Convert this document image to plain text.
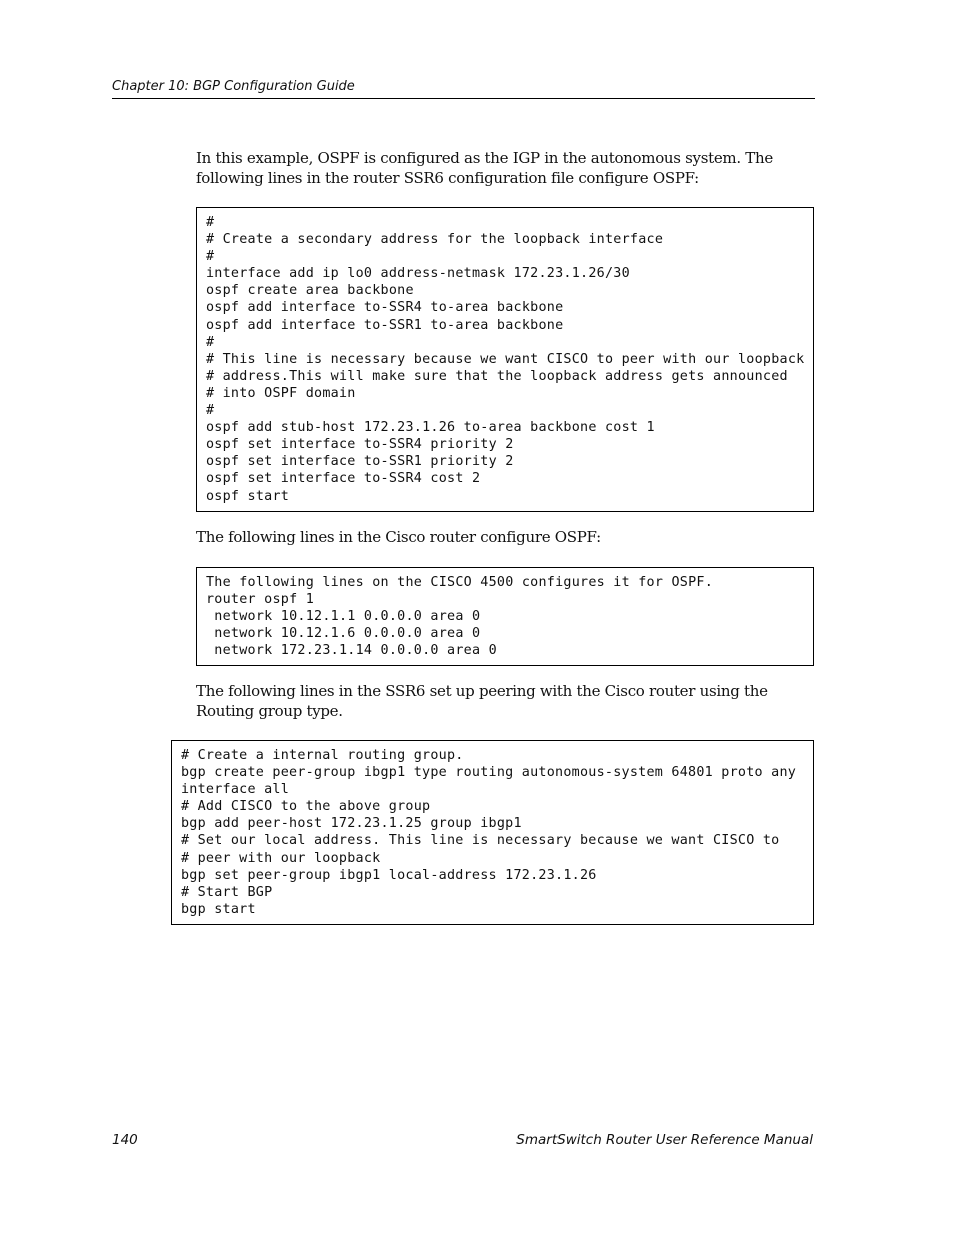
Chapter 10: BGP Configuration Guide
In this example, OSPF is configured as the IGP in the autonomous system. The following lines in the router SSR6 configuration file configure OSPF:
#
# Create a secondary address for the loopback interface
#
interface add ip lo0 address-netmask 172.23.1.26/30
ospf create area backbone
ospf add interface to-SSR4 to-area backbone
ospf add interface to-SSR1 to-area backbone
#
# This line is necessary because we want CISCO to peer with our loopback
# address.This will make sure that the loopback address gets announced
# into OSPF domain
#
ospf add stub-host 172.23.1.26 to-area backbone cost 1
ospf set interface to-SSR4 priority 2
ospf set interface to-SSR1 priority 2
ospf set interface to-SSR4 cost 2
ospf start
The following lines in the Cisco router configure OSPF:
The following lines on the CISCO 4500 configures it for OSPF.
router ospf 1
network 10.12.1.1 0.0.0.0 area 0
network 10.12.1.6 0.0.0.0 area 0
network 172.23.1.14 0.0.0.0 area 0
The following lines in the SSR6 set up peering with the Cisco router using the Routing group type.
# Create a internal routing group.
bgp create peer-group ibgp1 type routing autonomous-system 64801 proto any
interface all
# Add CISCO to the above group
bgp add peer-host 172.23.1.25 group ibgp1
# Set our local address. This line is necessary because we want CISCO to
# peer with our loopback
bgp set peer-group ibgp1 local-address 172.23.1.26
# Start BGP
bgp start
140	SmartSwitch Router User Reference Manual
